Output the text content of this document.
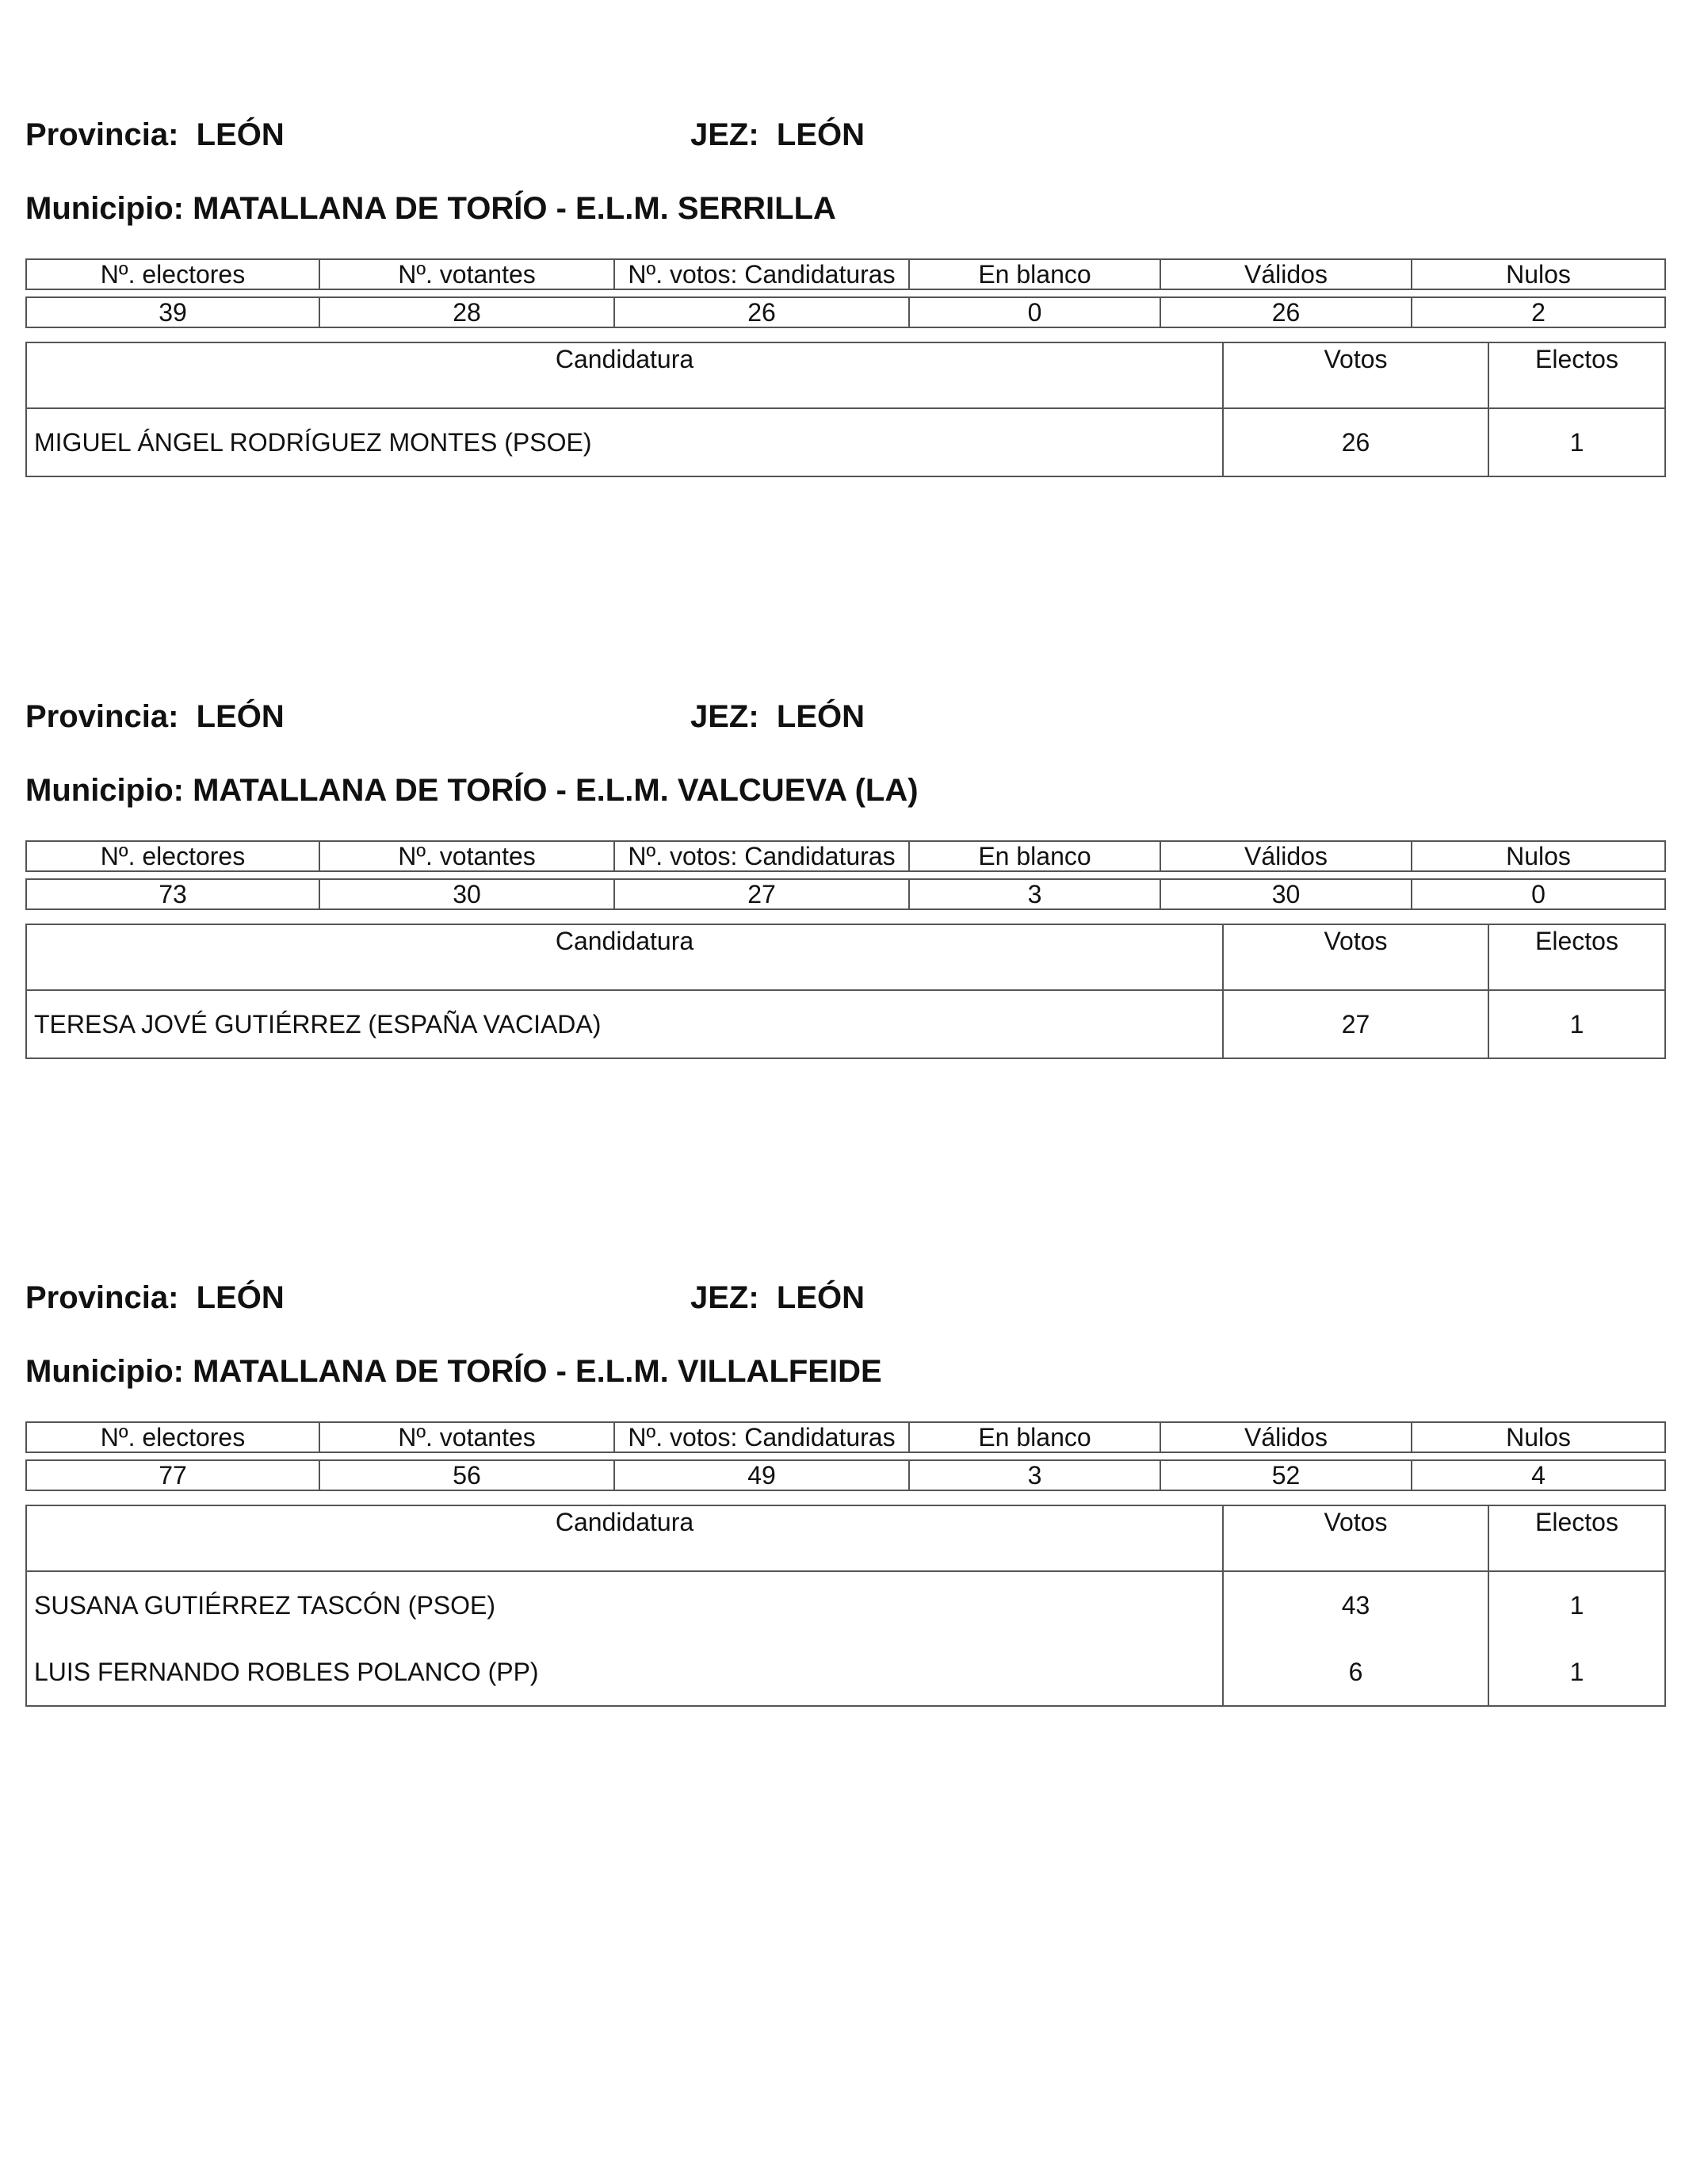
Provincia: LEÓN	JEZ: LEÓN
Municipio: MATALLANA DE TORÍO - E.L.M. SERRILLA
Nº. electores	Nº. votantes	Nº. votos: Candidaturas	En blanco	Válidos	Nulos

39	28	26	0	26	2
Candidatura	Votos	Electos
MIGUEL ÁNGEL RODRÍGUEZ MONTES (PSOE)	26	1
Provincia: LEÓN	JEZ: LEÓN
Municipio: MATALLANA DE TORÍO - E.L.M. VALCUEVA (LA)
Nº. electores	Nº. votantes	Nº. votos: Candidaturas	En blanco	Válidos	Nulos

73	30	27	3	30	0
Candidatura	Votos	Electos
TERESA JOVÉ GUTIÉRREZ (ESPAÑA VACIADA)	27	1
Provincia: LEÓN	JEZ: LEÓN
Municipio: MATALLANA DE TORÍO - E.L.M. VILLALFEIDE
Nº. electores	Nº. votantes	Nº. votos: Candidaturas	En blanco	Válidos	Nulos

77	56	49	3	52	4
Candidatura	Votos	Electos
SUSANA GUTIÉRREZ TASCÓN (PSOE)	43	1
LUIS FERNANDO ROBLES POLANCO (PP)	6	1
